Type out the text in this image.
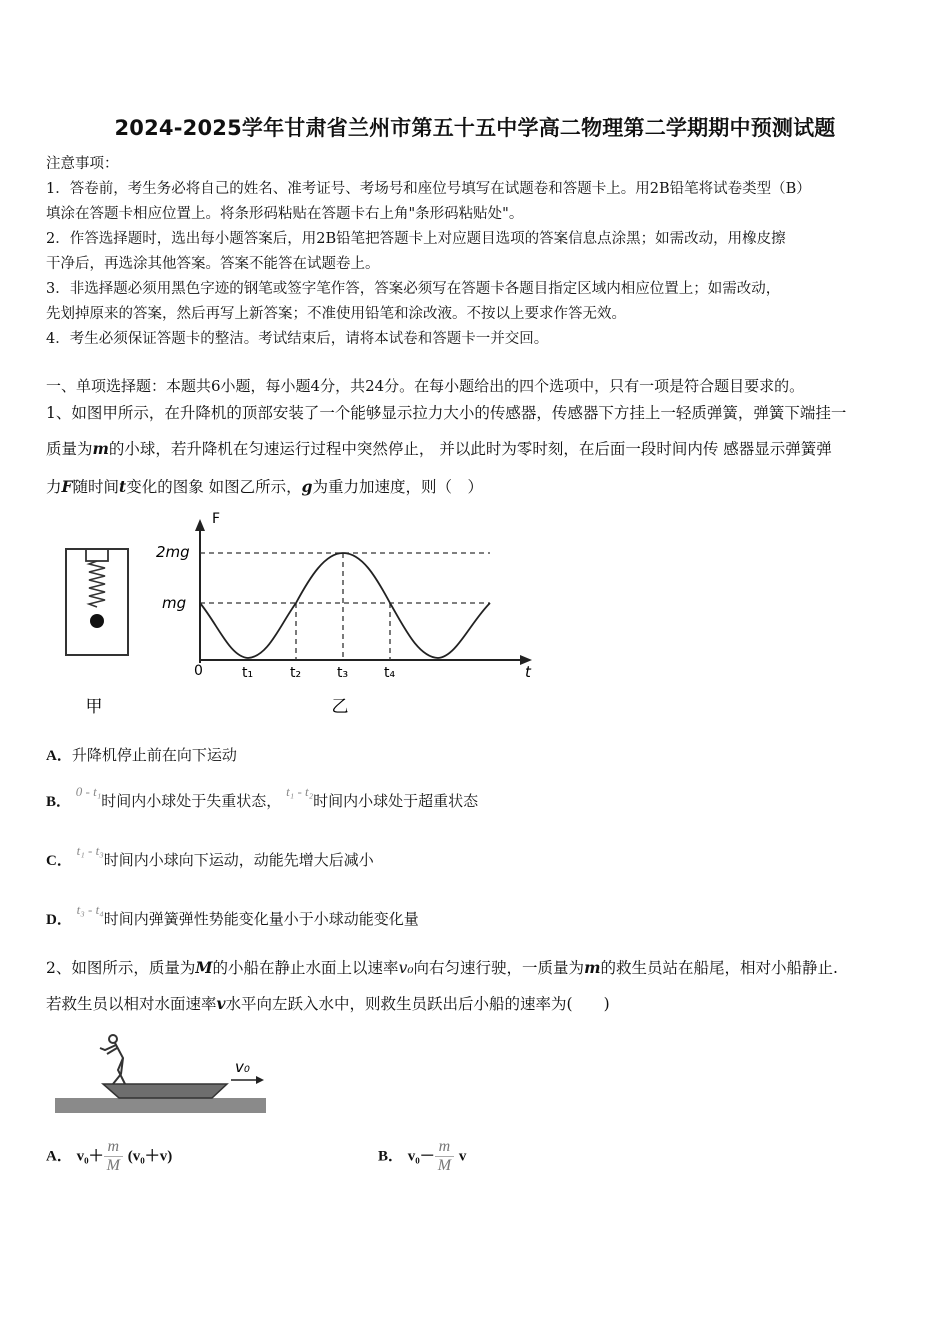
2024-2025学年甘肃省兰州市第五十五中学高二物理第二学期期中预测试题
注意事项：
1．答卷前，考生务必将自己的姓名、准考证号、考场号和座位号填写在试题卷和答题卡上。用2B铅笔将试卷类型（B）
填涂在答题卡相应位置上。将条形码粘贴在答题卡右上角"条形码粘贴处"。
2．作答选择题时，选出每小题答案后，用2B铅笔把答题卡上对应题目选项的答案信息点涂黑；如需改动，用橡皮擦
干净后，再选涂其他答案。答案不能答在试题卷上。
3．非选择题必须用黑色字迹的钢笔或签字笔作答，答案必须写在答题卡各题目指定区域内相应位置上；如需改动，
先划掉原来的答案，然后再写上新答案；不准使用铅笔和涂改液。不按以上要求作答无效。
4．考生必须保证答题卡的整洁。考试结束后，请将本试卷和答题卡一并交回。
一、单项选择题：本题共6小题，每小题4分，共24分。在每小题给出的四个选项中，只有一项是符合题目要求的。
1、如图甲所示，在升降机的顶部安装了一个能够显示拉力大小的传感器，传感器下方挂上一轻质弹簧，弹簧下端挂一
质量为m的小球，若升降机在匀速运行过程中突然停止， 并以此时为零时刻，在后面一段时间内传 感器显示弹簧弹
力F随时间t变化的图象 如图乙所示，g为重力加速度，则（　）
甲
F
t
2mg
mg
0	t₁	t₂	t₃	t₄
乙
A．升降机停止前在向下运动
B． 0 - t₁时间内小球处于失重状态， t₁ - t₂时间内小球处于超重状态
C． t₁ - t₃时间内小球向下运动，动能先增大后减小
D． t₃ - t₄时间内弹簧弹性势能变化量小于小球动能变化量
2、如图所示，质量为M的小船在静止水面上以速率v₀向右匀速行驶，一质量为m的救生员站在船尾，相对小船静止.
若救生员以相对水面速率v水平向左跃入水中，则救生员跃出后小船的速率为(　　)
v₀
A． $v_0+ \frac{m}{M} (v_0+v)$	B． $v_0- \frac{m}{M}$ v
